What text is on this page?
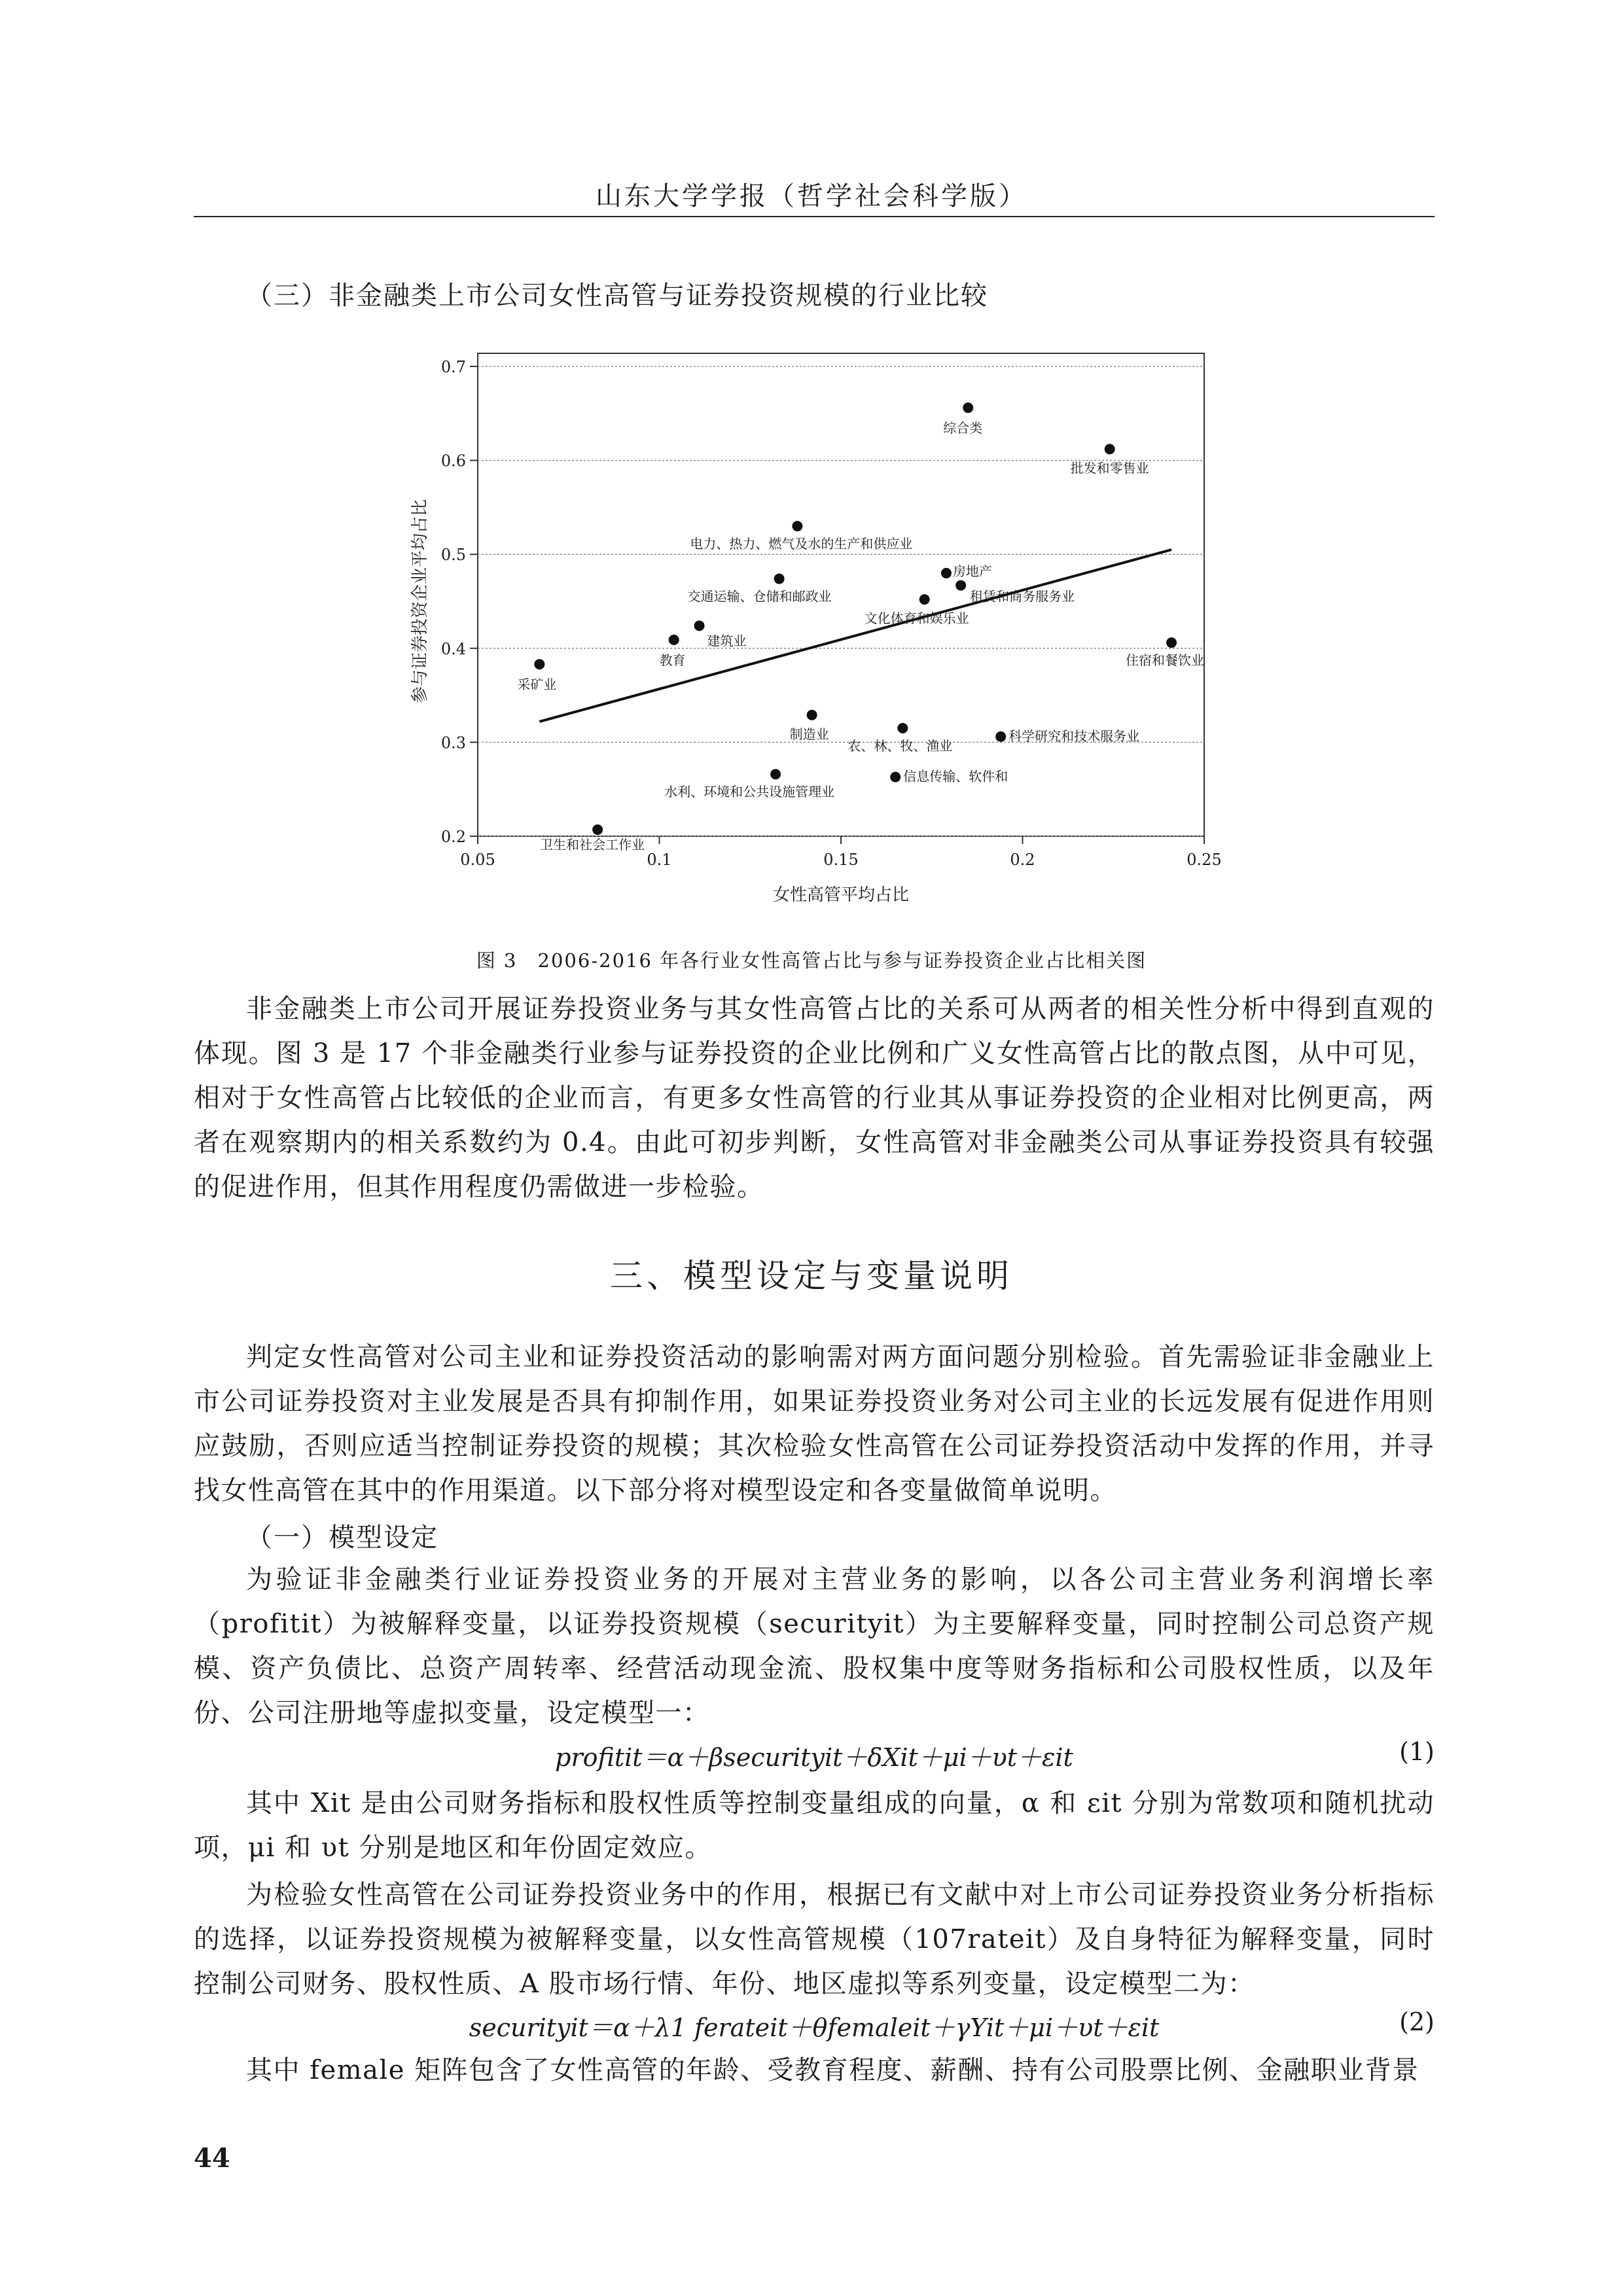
山东大学学报（哲学社会科学版）
（三）非金融类上市公司女性高管与证券投资规模的行业比较
0.2
0.3
0.4
0.5
0.6
0.7
0.05	0.1	0.15	0.2	0.25
女性高管平均占比
参与证券投资企业平均占比
综合类
批发和零售业
电力、热力、燃气及水的生产和供应业
房地产
交通运输、仓储和邮政业	租赁和商务服务业
文化体育和娱乐业
建筑业
教育	住宿和餐饮业
采矿业
制造业
农、林、牧、渔业
科学研究和技术服务业
水利、环境和公共设施管理业
信息传输、软件和
卫生和社会工作业
图 3　2006-2016 年各行业女性高管占比与参与证券投资企业占比相关图

非金融类上市公司开展证券投资业务与其女性高管占比的关系可从两者的相关性分析中得到直观的体现。图 3 是 17 个非金融类行业参与证券投资的企业比例和广义女性高管占比的散点图，从中可见，相对于女性高管占比较低的企业而言，有更多女性高管的行业其从事证券投资的企业相对比例更高，两者在观察期内的相关系数约为 0.4。由此可初步判断，女性高管对非金融类公司从事证券投资具有较强的促进作用，但其作用程度仍需做进一步检验。

三、模型设定与变量说明

判定女性高管对公司主业和证券投资活动的影响需对两方面问题分别检验。首先需验证非金融业上市公司证券投资对主业发展是否具有抑制作用，如果证券投资业务对公司主业的长远发展有促进作用则应鼓励，否则应适当控制证券投资的规模；其次检验女性高管在公司证券投资活动中发挥的作用，并寻找女性高管在其中的作用渠道。以下部分将对模型设定和各变量做简单说明。

（一）模型设定

为验证非金融类行业证券投资业务的开展对主营业务的影响，以各公司主营业务利润增长率（profitit）为被解释变量，以证券投资规模（securityit）为主要解释变量，同时控制公司总资产规模、资产负债比、总资产周转率、经营活动现金流、股权集中度等财务指标和公司股权性质，以及年份、公司注册地等虚拟变量，设定模型一：

profitit＝α＋βsecurityit＋δXit＋μi＋υt＋εit	(1)

其中 Xit 是由公司财务指标和股权性质等控制变量组成的向量，α 和 εit 分别为常数项和随机扰动项，μi 和 υt 分别是地区和年份固定效应。

为检验女性高管在公司证券投资业务中的作用，根据已有文献中对上市公司证券投资业务分析指标的选择，以证券投资规模为被解释变量，以女性高管规模（107rateit）及自身特征为解释变量，同时控制公司财务、股权性质、A 股市场行情、年份、地区虚拟等系列变量，设定模型二为：

securityit＝α＋λ1 ferateit＋θfemaleit＋γYit＋μi＋υt＋εit	(2)

其中 female 矩阵包含了女性高管的年龄、受教育程度、薪酬、持有公司股票比例、金融职业背景

44
